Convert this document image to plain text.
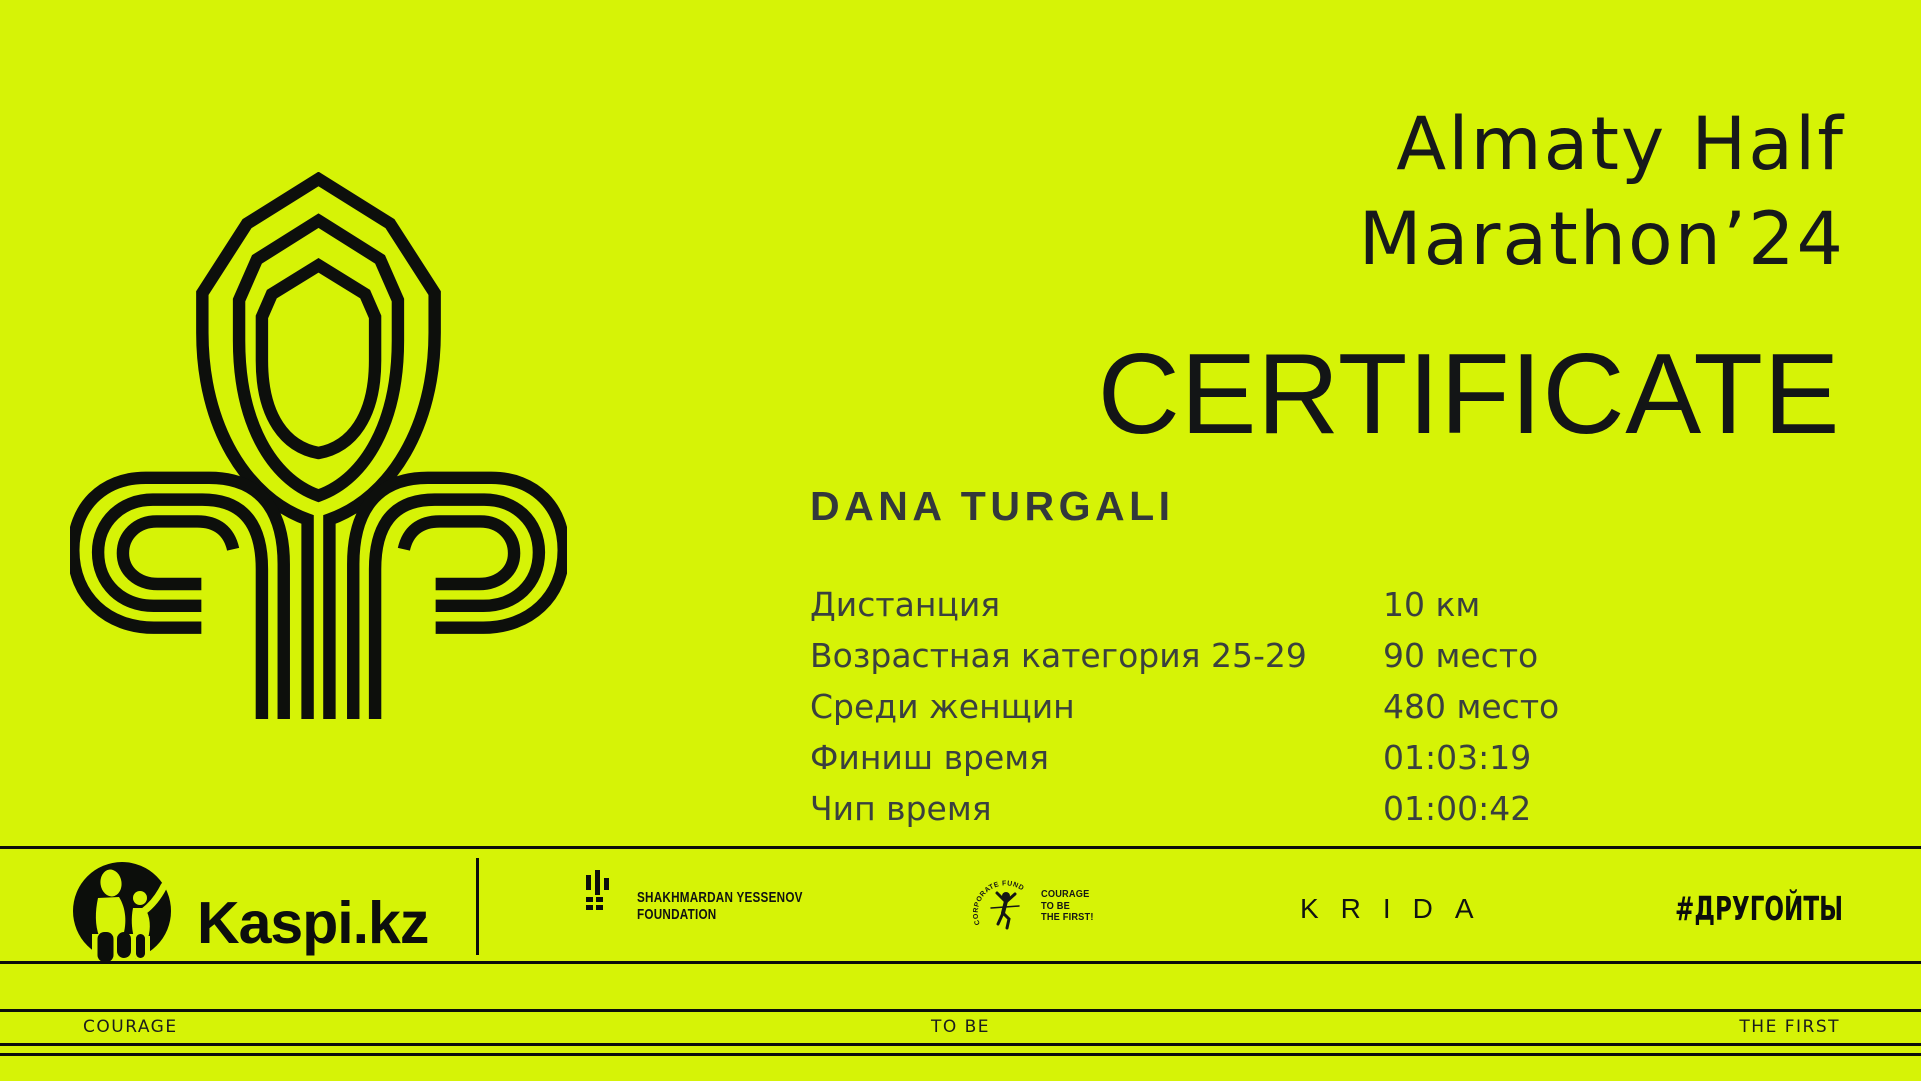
Almaty Half
Marathon’24
CERTIFICATE
DANA TURGALI
Дистанция	10 км
Возрастная категория 25-29 90 место
Среди женщин	480 место
Финиш время	01:03:19
Чип время	01:00:42
Kaspi.kz	SHAKHMARDAN YESSENOV
FOUNDATION	CORPORATE FUND COURAGE
TO BE
THE FIRST!	KRIDA	#ДРУГОЙТЫ
COURAGE	TO BE	THE FIRST
